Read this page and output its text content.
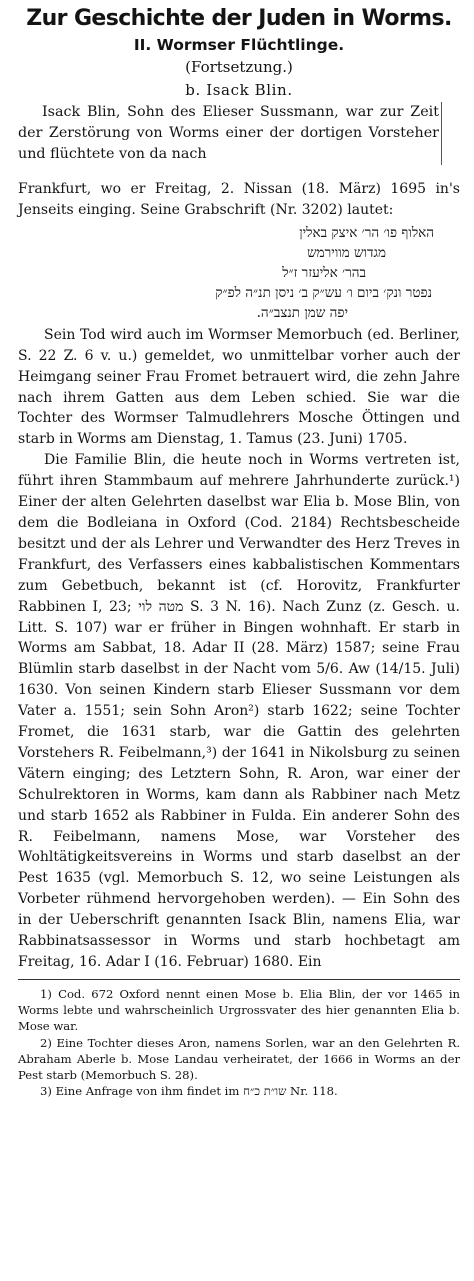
Zur Geschichte der Juden in Worms.
II. Wormser Flüchtlinge.
(Fortsetzung.)
b. Isack Blin.

Isack Blin, Sohn des Elieser Sussmann, war zur Zeit der Zerstörung von Worms einer der dortigen Vorsteher und flüchtete von da nach

Frankfurt, wo er Freitag, 2. Nissan (18. März) 1695 in's Jenseits einging. Seine Grabschrift (Nr. 3202) lautet:

האלוף פו׳ הר׳ איצק באלין
מגדוש מווירמש
בהר׳ אליעזר ז״ל
נפטר ונק׳ ביום ו׳ עש״ק ב׳ ניסן תנ״ה לפ״ק
יפה שמן תנצב״ה.

Sein Tod wird auch im Wormser Memorbuch (ed. Berliner, S. 22 Z. 6 v. u.) gemeldet, wo unmittelbar vorher auch der Heimgang seiner Frau Fromet betrauert wird, die zehn Jahre nach ihrem Gatten aus dem Leben schied. Sie war die Tochter des Wormser Talmudlehrers Mosche Öttingen und starb in Worms am Dienstag, 1. Tamus (23. Juni) 1705.

Die Familie Blin, die heute noch in Worms vertreten ist, führt ihren Stammbaum auf mehrere Jahrhunderte zurück.¹) Einer der alten Gelehrten daselbst war Elia b. Mose Blin, von dem die Bodleiana in Oxford (Cod. 2184) Rechtsbescheide besitzt und der als Lehrer und Verwandter des Herz Treves in Frankfurt, des Verfassers eines kabbalistischen Kommentars zum Gebetbuch, bekannt ist (cf. Horovitz, Frankfurter Rabbinen I, 23; מטה לוי S. 3 N. 16). Nach Zunz (z. Gesch. u. Litt. S. 107) war er früher in Bingen wohnhaft. Er starb in Worms am Sabbat, 18. Adar II (28. März) 1587; seine Frau Blümlin starb daselbst in der Nacht vom 5/6. Aw (14/15. Juli) 1630. Von seinen Kindern starb Elieser Sussmann vor dem Vater a. 1551; sein Sohn Aron²) starb 1622; seine Tochter Fromet, die 1631 starb, war die Gattin des gelehrten Vorstehers R. Feibelmann,³) der 1641 in Nikolsburg zu seinen Vätern einging; des Letztern Sohn, R. Aron, war einer der Schulrektoren in Worms, kam dann als Rabbiner nach Metz und starb 1652 als Rabbiner in Fulda. Ein anderer Sohn des R. Feibelmann, namens Mose, war Vorsteher des Wohltätigkeitsvereins in Worms und starb daselbst an der Pest 1635 (vgl. Memorbuch S. 12, wo seine Leistungen als Vorbeter rühmend hervorgehoben werden). — Ein Sohn des in der Ueberschrift genannten Isack Blin, namens Elia, war Rabbinatsassessor in Worms und starb hochbetagt am Freitag, 16. Adar I (16. Februar) 1680. Ein

1) Cod. 672 Oxford nennt einen Mose b. Elia Blin, der vor 1465 in Worms lebte und wahrscheinlich Urgrossvater des hier genannten Elia b. Mose war.

2) Eine Tochter dieses Aron, namens Sorlen, war an den Gelehrten R. Abraham Aberle b. Mose Landau verheiratet, der 1666 in Worms an der Pest starb (Memorbuch S. 28).

3) Eine Anfrage von ihm findet im שו״ת כ״ח Nr. 118.
